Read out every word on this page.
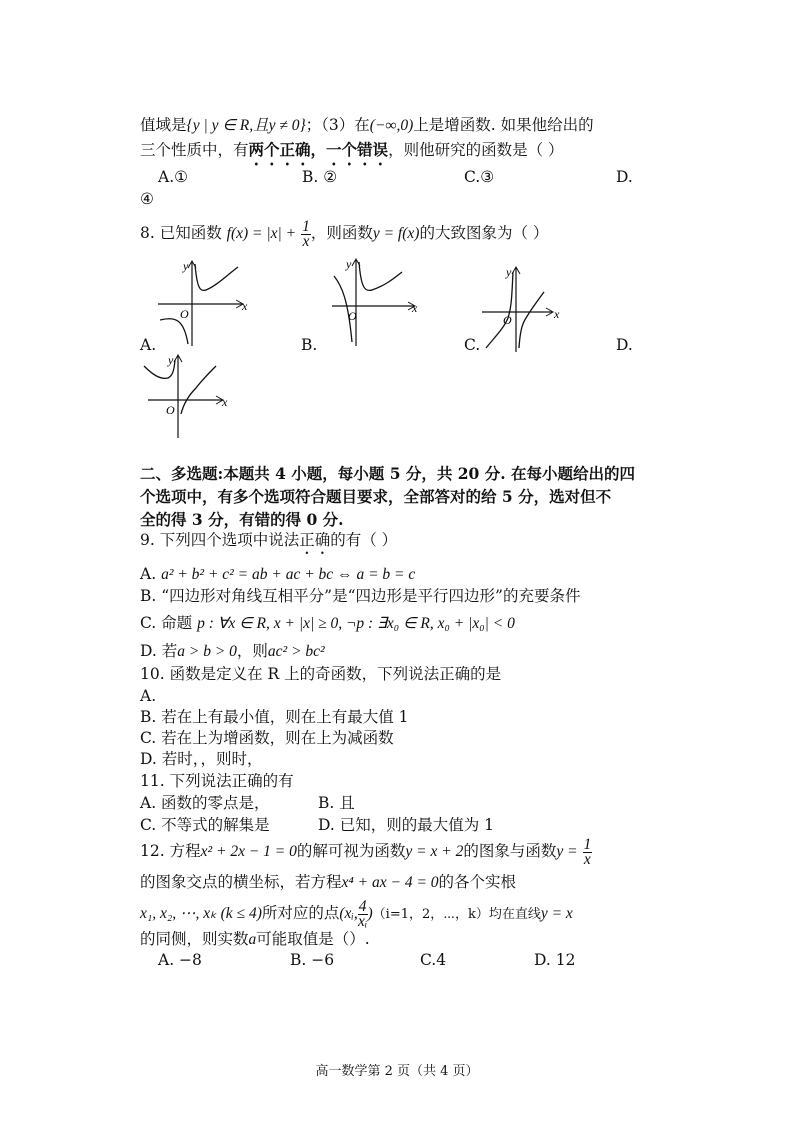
值域是{y | y ∈ R,且y ≠ 0}；（3）在(−∞,0)上是增函数. 如果他给出的
三个性质中，有两个正确，一个错误，则他研究的函数是（ ）
A.①	B. ②	C.③	D.
④
8. 已知函数 $f(x) = |x| + \frac{1}{x}$ ，则函数y = f(x)的大致图象为（ ）
y
x
O
y
x
O
y
x
O
A.	B.	C.	D.
y
x
O
二、多选题:本题共 4 小题，每小题 5 分，共 20 分. 在每小题给出的四
个选项中，有多个选项符合题目要求，全部答对的给 5 分，选对但不
全的得 3 分，有错的得 0 分.
9. 下列四个选项中说法正确的有（ ）
A. a² + b² + c² = ab + ac + bc ⇔ a = b = c
B. “四边形对角线互相平分”是“四边形是平行四边形”的充要条件
C. 命题 p : ∀x ∈ R, x + |x| ≥ 0, ¬p : ∃x₀ ∈ R, x₀ + |x₀| < 0
D. 若a > b > 0，则ac² > bc²
10. 函数是定义在 R 上的奇函数，下列说法正确的是
A.
B. 若在上有最小值，则在上有最大值 1
C. 若在上为增函数，则在上为减函数
D. 若时，，则时，
11. 下列说法正确的有
A. 函数的零点是，	B. 且
C. 不等式的解集是	D. 已知，则的最大值为 1
12. 方程x² + 2x − 1 = 0的解可视为函数y = x + 2的图象与函数$y = \frac{1}{x}$
的图象交点的横坐标，若方程x⁴ + ax − 4 = 0的各个实根
x₁, x₂, ⋯, xₖ (k ≤ 4)所对应的点(xᵢ, $\frac{4}{\text{xᵢ}} )(i=1$，2，⋯，k）均在直线y = x
的同侧，则实数a可能取值是（）.
A. −8	B. −6	C.4	D. 12
高一数学第 2 页（共 4 页）
